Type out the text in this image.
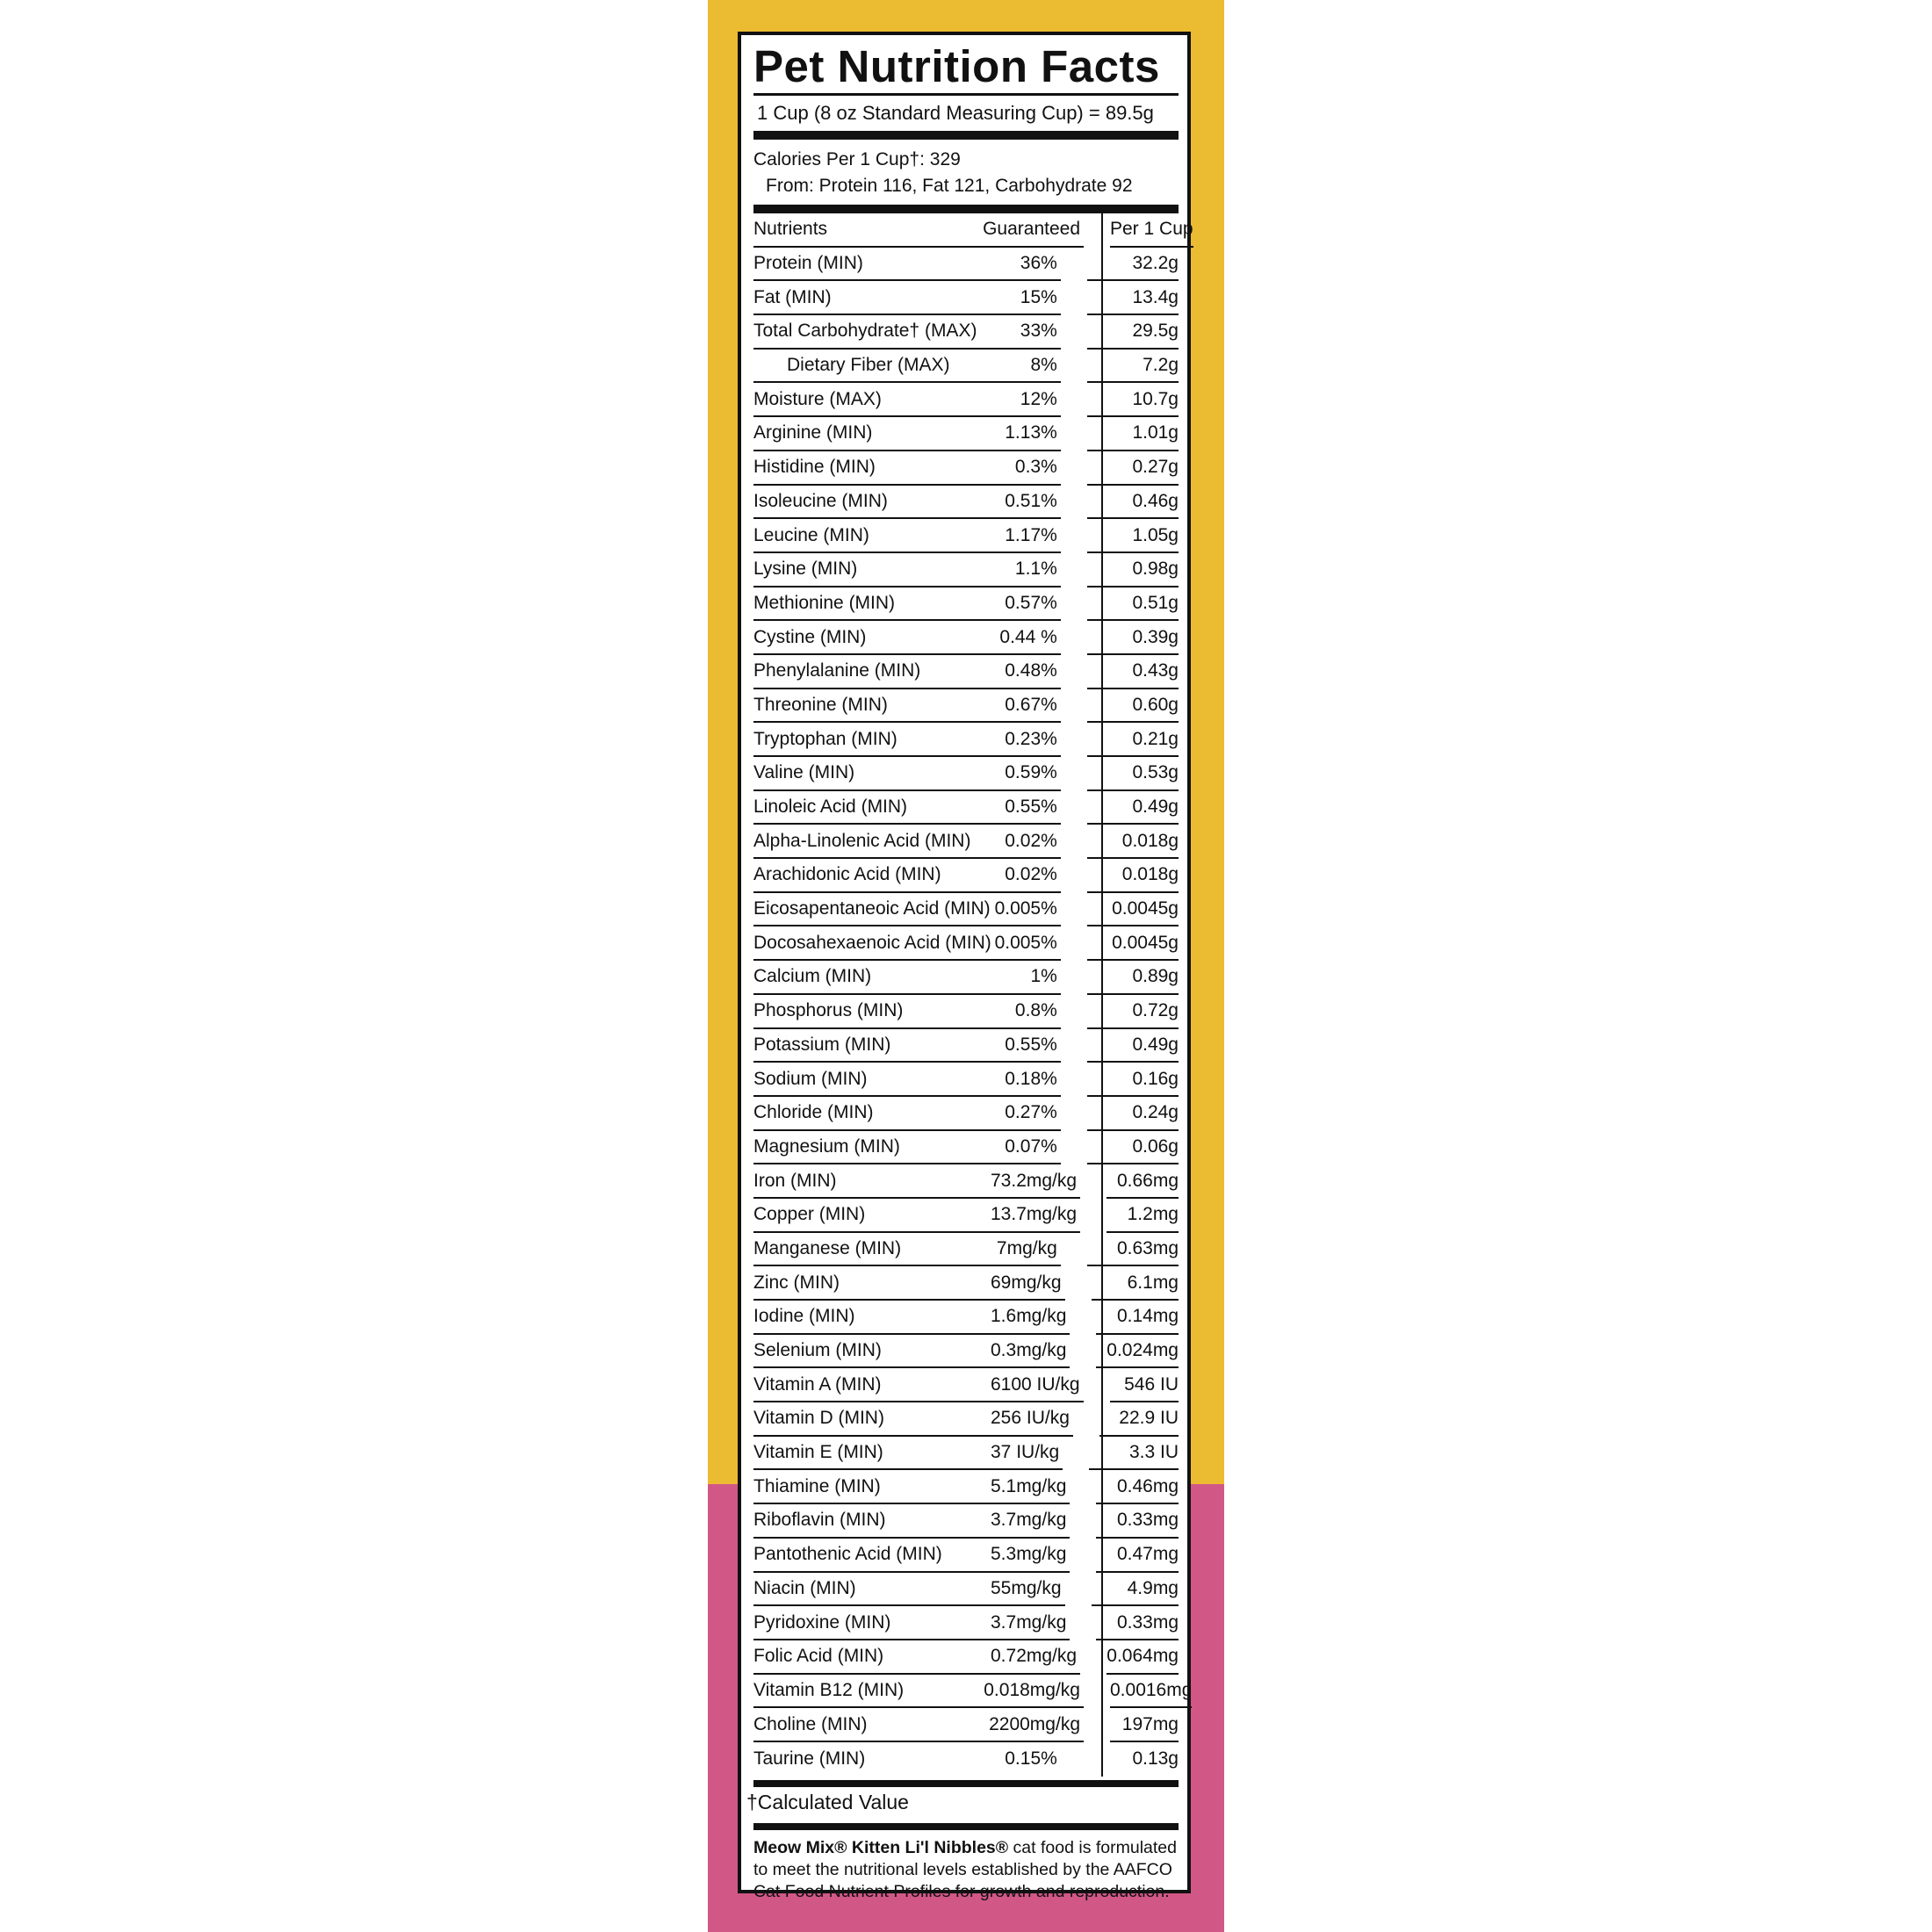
Pet Nutrition Facts
1 Cup (8 oz Standard Measuring Cup) = 89.5g
Calories Per 1 Cup†: 329
From: Protein 116, Fat 121, Carbohydrate 92
Nutrients	Guaranteed Per 1 Cup
Protein (MIN)	36%	32.2g
Fat (MIN)	15%	13.4g
Total Carbohydrate† (MAX)	33%	29.5g
Dietary Fiber (MAX)	8%	7.2g
Moisture (MAX)	12%	10.7g
Arginine (MIN)	1.13%	1.01g
Histidine (MIN)	0.3%	0.27g
Isoleucine (MIN)	0.51%	0.46g
Leucine (MIN)	1.17%	1.05g
Lysine (MIN)	1.1%	0.98g
Methionine (MIN)	0.57%	0.51g
Cystine (MIN)	0.44 %	0.39g
Phenylalanine (MIN)	0.48%	0.43g
Threonine (MIN)	0.67%	0.60g
Tryptophan (MIN)	0.23%	0.21g
Valine (MIN)	0.59%	0.53g
Linoleic Acid (MIN)	0.55%	0.49g
Alpha-Linolenic Acid (MIN)	0.02%	0.018g
Arachidonic Acid (MIN)	0.02%	0.018g
Eicosapentaneoic Acid (MIN) 0.005%	0.0045g
Docosahexaenoic Acid (MIN) 0.005%	0.0045g
Calcium (MIN)	1%	0.89g
Phosphorus (MIN)	0.8%	0.72g
Potassium (MIN)	0.55%	0.49g
Sodium (MIN)	0.18%	0.16g
Chloride (MIN)	0.27%	0.24g
Magnesium (MIN)	0.07%	0.06g
Iron (MIN)	73.2mg/kg	0.66mg
Copper (MIN)	13.7mg/kg	1.2mg
Manganese (MIN)	7mg/kg	0.63mg
Zinc (MIN)	69mg/kg	6.1mg
Iodine (MIN)	1.6mg/kg	0.14mg
Selenium (MIN)	0.3mg/kg	0.024mg
Vitamin A (MIN)	6100 IU/kg	546 IU
Vitamin D (MIN)	256 IU/kg	22.9 IU
Vitamin E (MIN)	37 IU/kg	3.3 IU
Thiamine (MIN)	5.1mg/kg	0.46mg
Riboflavin (MIN)	3.7mg/kg	0.33mg
Pantothenic Acid (MIN)	5.3mg/kg	0.47mg
Niacin (MIN)	55mg/kg	4.9mg
Pyridoxine (MIN)	3.7mg/kg	0.33mg
Folic Acid (MIN)	0.72mg/kg 0.064mg
Vitamin B12 (MIN)	0.018mg/kg 0.0016mg
Choline (MIN)	2200mg/kg	197mg
Taurine (MIN)	0.15%	0.13g
†Calculated Value
Meow Mix® Kitten Li'l Nibbles® cat food is formulated to meet the nutritional levels established by the AAFCO Cat Food Nutrient Profiles for growth and reproduction.
